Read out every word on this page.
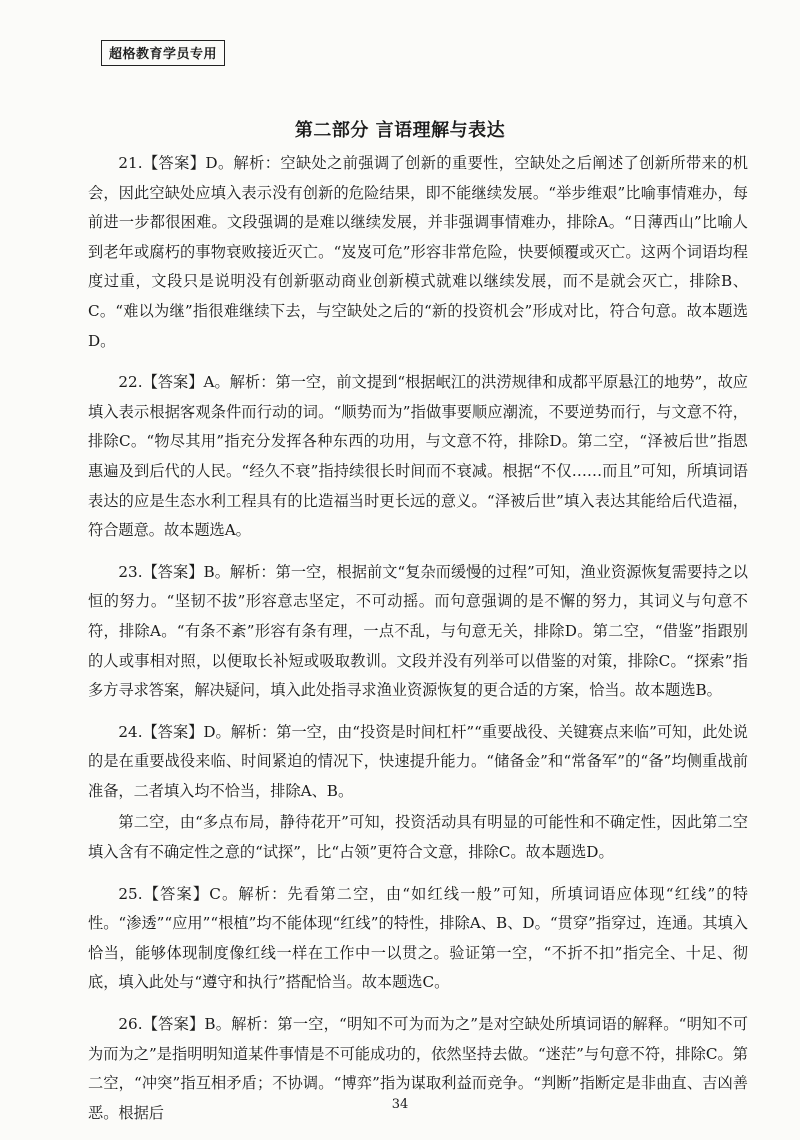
超格教育学员专用
第二部分 言语理解与表达

21.【答案】D。解析：空缺处之前强调了创新的重要性，空缺处之后阐述了创新所带来的机会，因此空缺处应填入表示没有创新的危险结果，即不能继续发展。“举步维艰”比喻事情难办，每前进一步都很困难。文段强调的是难以继续发展，并非强调事情难办，排除A。“日薄西山”比喻人到老年或腐朽的事物衰败接近灭亡。“岌岌可危”形容非常危险，快要倾覆或灭亡。这两个词语均程度过重，文段只是说明没有创新驱动商业创新模式就难以继续发展，而不是就会灭亡，排除B、C。“难以为继”指很难继续下去，与空缺处之后的“新的投资机会”形成对比，符合句意。故本题选D。

22.【答案】A。解析：第一空，前文提到“根据岷江的洪涝规律和成都平原悬江的地势”，故应填入表示根据客观条件而行动的词。“顺势而为”指做事要顺应潮流，不要逆势而行，与文意不符，排除C。“物尽其用”指充分发挥各种东西的功用，与文意不符，排除D。第二空，“泽被后世”指恩惠遍及到后代的人民。“经久不衰”指持续很长时间而不衰减。根据“不仅……而且”可知，所填词语表达的应是生态水利工程具有的比造福当时更长远的意义。“泽被后世”填入表达其能给后代造福，符合题意。故本题选A。

23.【答案】B。解析：第一空，根据前文“复杂而缓慢的过程”可知，渔业资源恢复需要持之以恒的努力。“坚韧不拔”形容意志坚定，不可动摇。而句意强调的是不懈的努力，其词义与句意不符，排除A。“有条不紊”形容有条有理，一点不乱，与句意无关，排除D。第二空，“借鉴”指跟别的人或事相对照，以便取长补短或吸取教训。文段并没有列举可以借鉴的对策，排除C。“探索”指多方寻求答案，解决疑问，填入此处指寻求渔业资源恢复的更合适的方案，恰当。故本题选B。

24.【答案】D。解析：第一空，由“投资是时间杠杆”“重要战役、关键赛点来临”可知，此处说的是在重要战役来临、时间紧迫的情况下，快速提升能力。“储备金”和“常备军”的“备”均侧重战前准备，二者填入均不恰当，排除A、B。

第二空，由“多点布局，静待花开”可知，投资活动具有明显的可能性和不确定性，因此第二空填入含有不确定性之意的“试探”，比“占领”更符合文意，排除C。故本题选D。

25.【答案】C。解析：先看第二空，由“如红线一般”可知，所填词语应体现“红线”的特性。“渗透”“应用”“根植”均不能体现“红线”的特性，排除A、B、D。“贯穿”指穿过，连通。其填入恰当，能够体现制度像红线一样在工作中一以贯之。验证第一空，“不折不扣”指完全、十足、彻底，填入此处与“遵守和执行”搭配恰当。故本题选C。

26.【答案】B。解析：第一空，“明知不可为而为之”是对空缺处所填词语的解释。“明知不可为而为之”是指明明知道某件事情是不可能成功的，依然坚持去做。“迷茫”与句意不符，排除C。第二空，“冲突”指互相矛盾；不协调。“博弈”指为谋取利益而竞争。“判断”指断定是非曲直、吉凶善恶。根据后	34
